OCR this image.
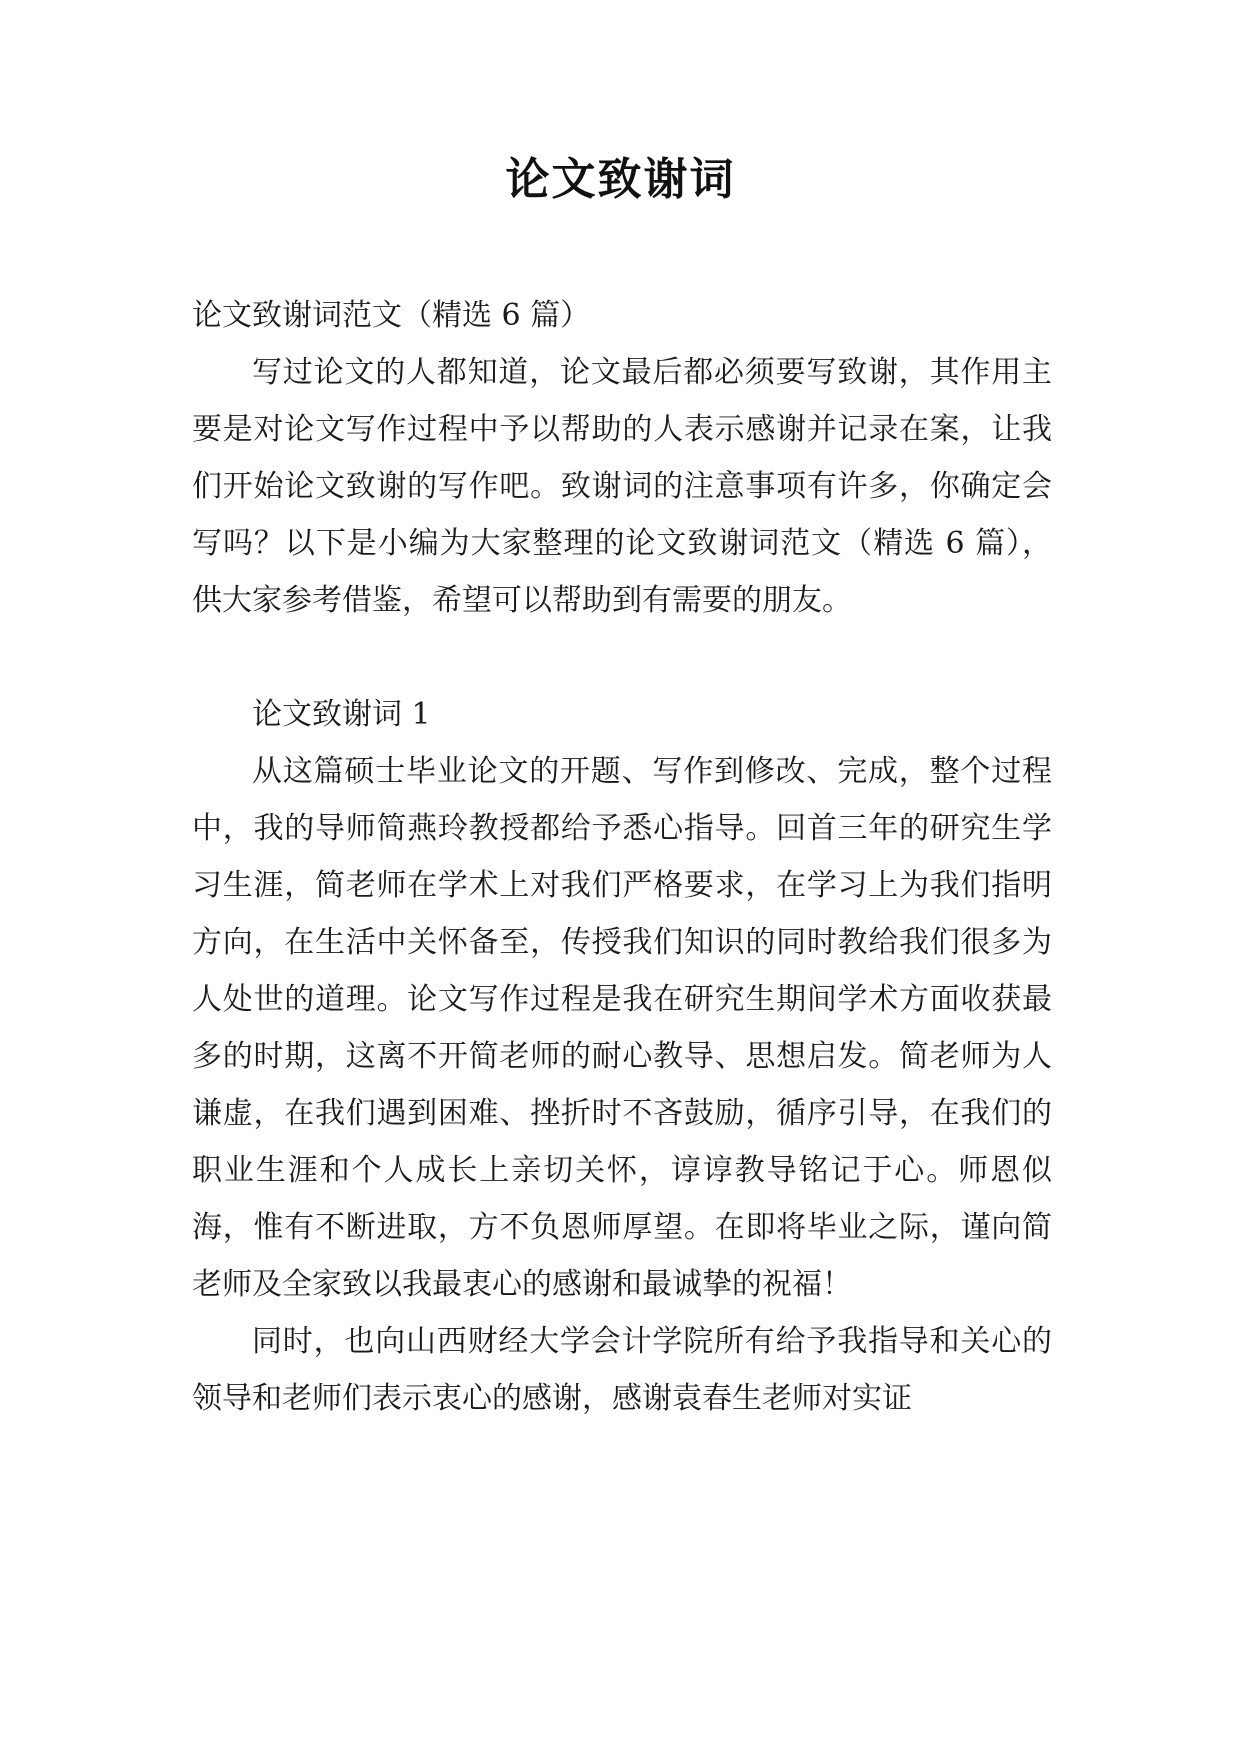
论文致谢词

论文致谢词范文（精选 6 篇）

写过论文的人都知道，论文最后都必须要写致谢，其作用主要是对论文写作过程中予以帮助的人表示感谢并记录在案，让我们开始论文致谢的写作吧。致谢词的注意事项有许多，你确定会写吗？以下是小编为大家整理的论文致谢词范文（精选 6 篇），供大家参考借鉴，希望可以帮助到有需要的朋友。

论文致谢词 1

从这篇硕士毕业论文的开题、写作到修改、完成，整个过程中，我的导师简燕玲教授都给予悉心指导。回首三年的研究生学习生涯，简老师在学术上对我们严格要求，在学习上为我们指明方向，在生活中关怀备至，传授我们知识的同时教给我们很多为人处世的道理。论文写作过程是我在研究生期间学术方面收获最多的时期，这离不开简老师的耐心教导、思想启发。简老师为人谦虚，在我们遇到困难、挫折时不吝鼓励，循序引导，在我们的职业生涯和个人成长上亲切关怀，谆谆教导铭记于心。师恩似海，惟有不断进取，方不负恩师厚望。在即将毕业之际，谨向简老师及全家致以我最衷心的感谢和最诚挚的祝福！

同时，也向山西财经大学会计学院所有给予我指导和关心的领导和老师们表示衷心的感谢，感谢袁春生老师对实证
